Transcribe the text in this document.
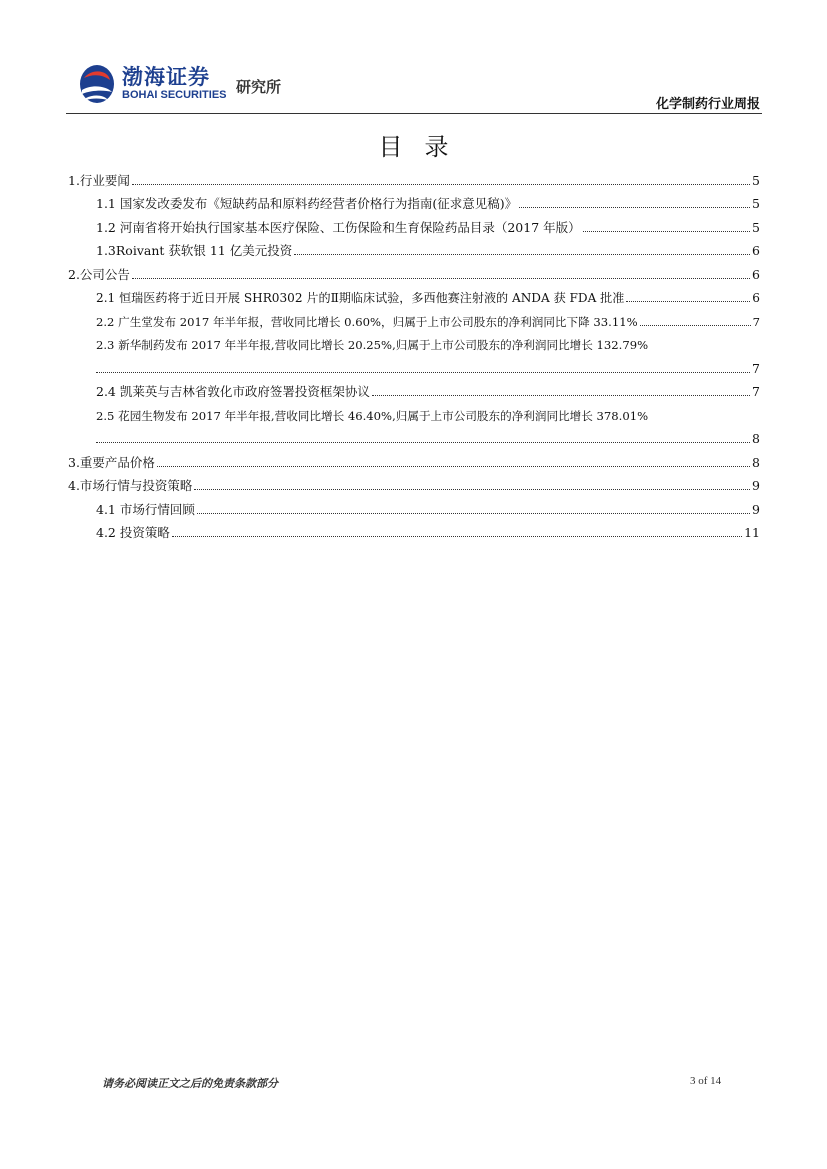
渤海证券
BOHAI SECURITIES 研究所
化学制药行业周报
目录
1.行业要闻	5
1.1 国家发改委发布《短缺药品和原料药经营者价格行为指南(征求意见稿)》	5
1.2 河南省将开始执行国家基本医疗保险、工伤保险和生育保险药品目录（2017 年版）	5
1.3Roivant 获软银 11 亿美元投资	6
2.公司公告	6
2.1 恒瑞医药将于近日开展 SHR0302 片的Ⅱ期临床试验，多西他赛注射液的 ANDA 获 FDA 批准	6
2.2 广生堂发布 2017 年半年报，营收同比增长 0.60%，归属于上市公司股东的净利润同比下降 33.11%	7
2.3 新华制药发布 2017 年半年报,营收同比增长 20.25%,归属于上市公司股东的净利润同比增长 132.79%
7
2.4 凯莱英与吉林省敦化市政府签署投资框架协议	7
2.5 花园生物发布 2017 年半年报,营收同比增长 46.40%,归属于上市公司股东的净利润同比增长 378.01%
8
3.重要产品价格	8
4.市场行情与投资策略	9
4.1 市场行情回顾	9
4.2 投资策略	11
请务必阅读正文之后的免责条款部分	3 of 14
